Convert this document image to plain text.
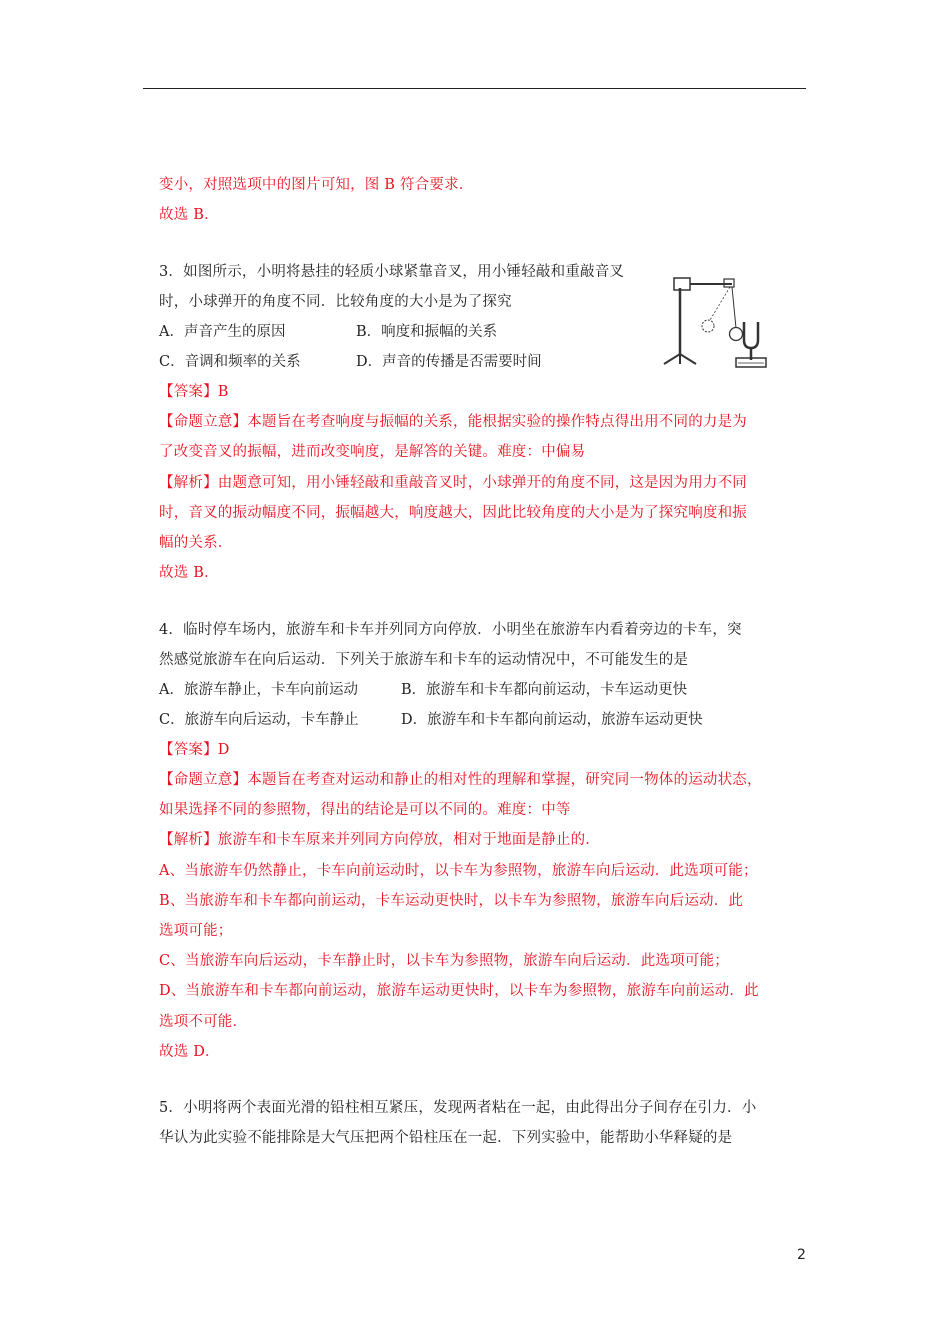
变小，对照选项中的图片可知，图 B 符合要求．
故选 B．
3．如图所示，小明将悬挂的轻质小球紧靠音叉，用小锤轻敲和重敲音叉
时，小球弹开的角度不同．比较角度的大小是为了探究
A．声音产生的原因	B．响度和振幅的关系
C．音调和频率的关系	D．声音的传播是否需要时间
【答案】B
【命题立意】本题旨在考查响度与振幅的关系，能根据实验的操作特点得出用不同的力是为
了改变音叉的振幅，进而改变响度，是解答的关键。难度：中偏易
【解析】由题意可知，用小锤轻敲和重敲音叉时，小球弹开的角度不同，这是因为用力不同
时，音叉的振动幅度不同，振幅越大，响度越大，因此比较角度的大小是为了探究响度和振
幅的关系．
故选 B．
4．临时停车场内，旅游车和卡车并列同方向停放．小明坐在旅游车内看着旁边的卡车，突
然感觉旅游车在向后运动．下列关于旅游车和卡车的运动情况中，不可能发生的是
A．旅游车静止，卡车向前运动	B．旅游车和卡车都向前运动，卡车运动更快
C．旅游车向后运动，卡车静止	D．旅游车和卡车都向前运动，旅游车运动更快
【答案】D
【命题立意】本题旨在考查对运动和静止的相对性的理解和掌握，研究同一物体的运动状态，
如果选择不同的参照物，得出的结论是可以不同的。难度：中等
【解析】旅游车和卡车原来并列同方向停放，相对于地面是静止的．
A、当旅游车仍然静止，卡车向前运动时，以卡车为参照物，旅游车向后运动．此选项可能；
B、当旅游车和卡车都向前运动，卡车运动更快时，以卡车为参照物，旅游车向后运动．此
选项可能；
C、当旅游车向后运动，卡车静止时，以卡车为参照物，旅游车向后运动．此选项可能；
D、当旅游车和卡车都向前运动，旅游车运动更快时，以卡车为参照物，旅游车向前运动．此
选项不可能．
故选 D．
5．小明将两个表面光滑的铅柱相互紧压，发现两者粘在一起，由此得出分子间存在引力．小
华认为此实验不能排除是大气压把两个铅柱压在一起．下列实验中，能帮助小华释疑的是
2
